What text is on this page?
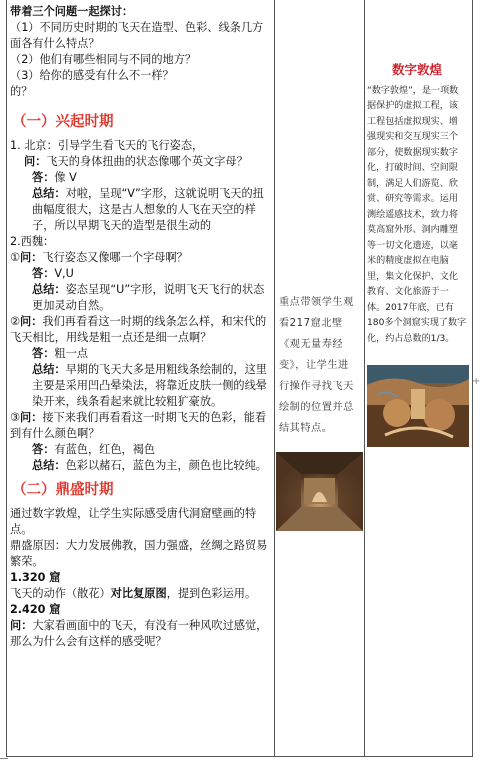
带着三个问题一起探讨：

（1）不同历史时期的飞天在造型、色彩、线条几方面各有什么特点？

（2）他们有哪些相同与不同的地方？

（3）给你的感受有什么不一样？

的？

（一）兴起时期

1. 北京：引导学生看飞天的飞行姿态，

问：飞天的身体扭曲的状态像哪个英文字母？

答：像 V

总结：对啦，呈现“V”字形，这就说明飞天的扭曲幅度很大，这是古人想象的人飞在天空的样子，所以早期飞天的造型是很生动的

2.西魏：

①问：飞行姿态又像哪一个字母啊？

答：V,U

总结：姿态呈现“U”字形，说明飞天飞行的状态更加灵动自然。

②问：我们再看看这一时期的线条怎么样，和宋代的飞天相比，用线是粗一点还是细一点啊？

答：粗一点

总结：早期的飞天大多是用粗线条绘制的，这里主要是采用凹凸晕染法，将靠近皮肤一侧的线晕染开来，线条看起来就比较粗犷豪放。

③问：接下来我们再看看这一时期飞天的色彩，能看到有什么颜色啊？

答：有蓝色，红色，褐色

总结：色彩以赭石，蓝色为主，颜色也比较纯。

（二）鼎盛时期

通过数字敦煌，让学生实际感受唐代洞窟壁画的特点。

鼎盛原因：大力发展佛教，国力强盛，丝绸之路贸易繁荣。

1.320 窟

飞天的动作（散花）对比复原图，提到色彩运用。

2.420 窟

问：大家看画面中的飞天，有没有一种风吹过感觉，那么为什么会有这样的感受呢？

重点带领学生观看217窟北壁《观无量寿经变》，让学生进行操作寻找飞天绘制的位置并总结其特点。
数字敦煌
“数字敦煌”，是一项数据保护的虚拟工程，该工程包括虚拟现实、增强现实和交互现实三个部分，使数据现实数字化，打破时间、空间限制，满足人们游览、欣赏、研究等需求。运用测绘遥感技术，致力将莫高窟外形、洞内雕塑等一切文化遗迹，以毫米的精度虚拟在电脑里，集文化保护、文化教育、文化旅游于一体。2017年底，已有180多个洞窟实现了数字化，约占总数的1/3。
+
